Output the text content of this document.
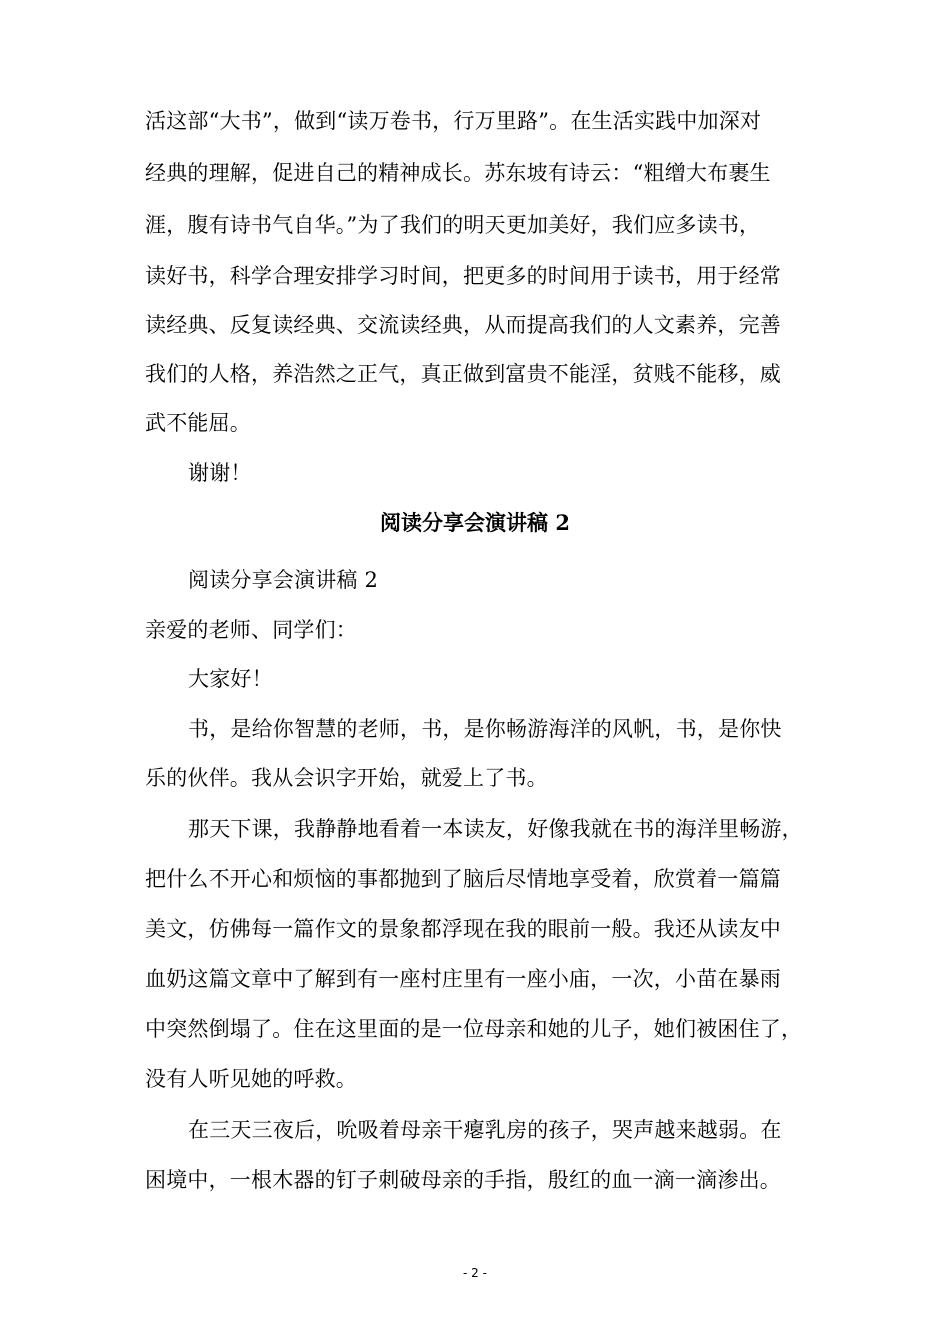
活这部“大书”，做到“读万卷书，行万里路”。在生活实践中加深对
经典的理解，促进自己的精神成长。苏东坡有诗云：“粗缯大布裹生
涯，腹有诗书气自华。”为了我们的明天更加美好，我们应多读书，
读好书，科学合理安排学习时间，把更多的时间用于读书，用于经常
读经典、反复读经典、交流读经典，从而提高我们的人文素养，完善
我们的人格，养浩然之正气，真正做到富贵不能淫，贫贱不能移，威
武不能屈。
谢谢！
阅读分享会演讲稿 2
阅读分享会演讲稿 2
亲爱的老师、同学们：
大家好！
书，是给你智慧的老师，书，是你畅游海洋的风帆，书，是你快
乐的伙伴。我从会识字开始，就爱上了书。
那天下课，我静静地看着一本读友，好像我就在书的海洋里畅游，
把什么不开心和烦恼的事都抛到了脑后尽情地享受着，欣赏着一篇篇
美文，仿佛每一篇作文的景象都浮现在我的眼前一般。我还从读友中
血奶这篇文章中了解到有一座村庄里有一座小庙，一次，小苗在暴雨
中突然倒塌了。住在这里面的是一位母亲和她的儿子，她们被困住了，
没有人听见她的呼救。
在三天三夜后，吮吸着母亲干瘪乳房的孩子，哭声越来越弱。在
困境中，一根木器的钉子刺破母亲的手指，殷红的血一滴一滴渗出。
- 2 -
